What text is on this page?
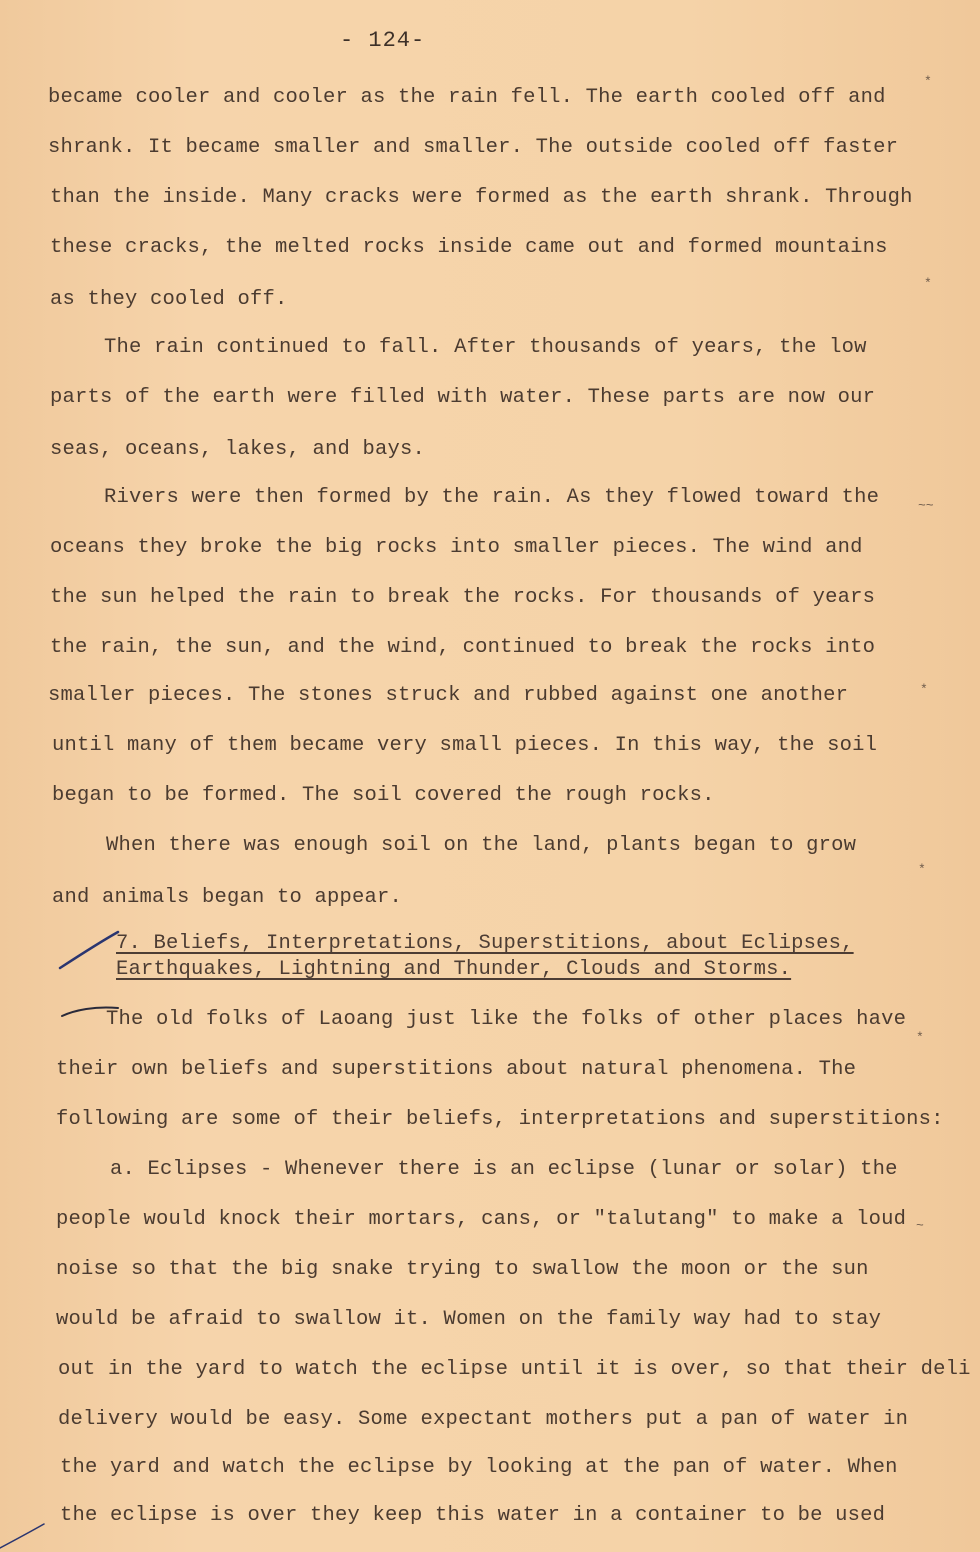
- 124-
became cooler and cooler as the rain fell. The earth cooled off and
shrank. It became smaller and smaller. The outside cooled off faster
than the inside. Many cracks were formed as the earth shrank. Through
these cracks, the melted rocks inside came out and formed mountains
as they cooled off.
The rain continued to fall. After thousands of years, the low
parts of the earth were filled with water. These parts are now our
seas, oceans, lakes, and bays.
Rivers were then formed by the rain. As they flowed toward the
oceans they broke the big rocks into smaller pieces. The wind and
the sun helped the rain to break the rocks. For thousands of years
the rain, the sun, and the wind, continued to break the rocks into
smaller pieces. The stones struck and rubbed against one another
until many of them became very small pieces. In this way, the soil
began to be formed. The soil covered the rough rocks.
When there was enough soil on the land, plants began to grow
and animals began to appear.
7. Beliefs, Interpretations, Superstitions, about Eclipses,
Earthquakes, Lightning and Thunder, Clouds and Storms.
The old folks of Laoang just like the folks of other places have
their own beliefs and superstitions about natural phenomena. The
following are some of their beliefs, interpretations and superstitions:
a. Eclipses - Whenever there is an eclipse (lunar or solar) the
people would knock their mortars, cans, or "talutang" to make a loud
noise so that the big snake trying to swallow the moon or the sun
would be afraid to swallow it. Women on the family way had to stay
out in the yard to watch the eclipse until it is over, so that their deli
delivery would be easy. Some expectant mothers put a pan of water in
the yard and watch the eclipse by looking at the pan of water. When
the eclipse is over they keep this water in a container to be used
*
*
~~
*
*
*
~
